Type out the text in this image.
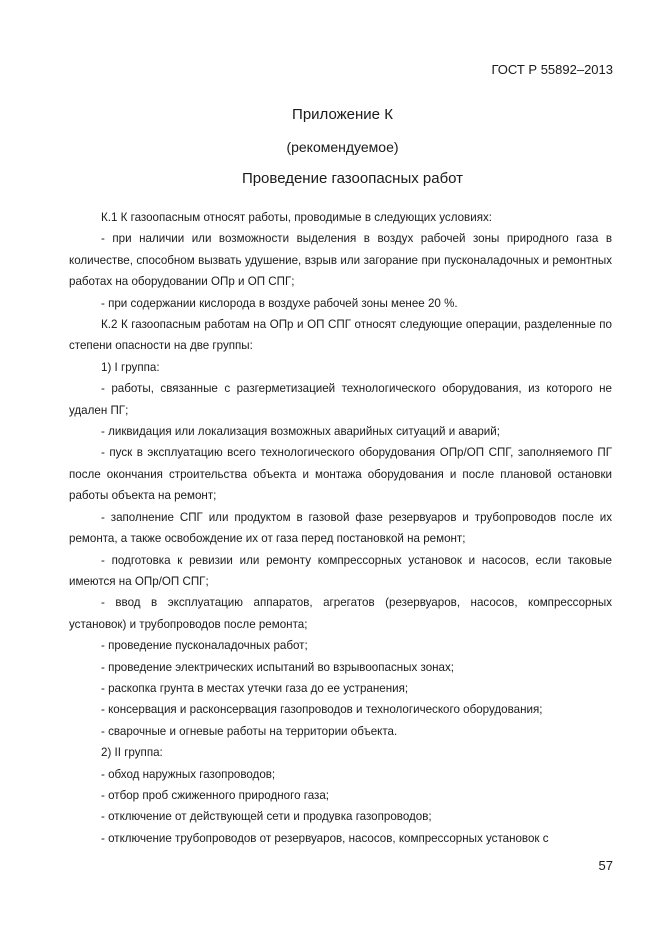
ГОСТ Р 55892–2013
Приложение К
(рекомендуемое)
Проведение газоопасных работ

К.1 К газоопасным относят работы, проводимые в следующих условиях:

- при наличии или возможности выделения в воздух рабочей зоны природного газа в количестве, способном вызвать удушение, взрыв или загорание при пусконаладочных и ремонтных работах на оборудовании ОПр и ОП СПГ;

- при содержании кислорода в воздухе рабочей зоны менее 20 %.

К.2 К газоопасным работам на ОПр и ОП СПГ относят следующие операции, разделенные по степени опасности на две группы:

1) I группа:

- работы, связанные с разгерметизацией технологического оборудования, из которого не удален ПГ;

- ликвидация или локализация возможных аварийных ситуаций и аварий;

- пуск в эксплуатацию всего технологического оборудования ОПр/ОП СПГ, заполняемого ПГ после окончания строительства объекта и монтажа оборудования и после плановой остановки работы объекта на ремонт;

- заполнение СПГ или продуктом в газовой фазе резервуаров и трубопроводов после их ремонта, а также освобождение их от газа перед постановкой на ремонт;

- подготовка к ревизии или ремонту компрессорных установок и насосов, если таковые имеются на ОПр/ОП СПГ;

- ввод в эксплуатацию аппаратов, агрегатов (резервуаров, насосов, компрессорных установок) и трубопроводов после ремонта;

- проведение пусконаладочных работ;

- проведение электрических испытаний во взрывоопасных зонах;

- раскопка грунта в местах утечки газа до ее устранения;

- консервация и расконсервация газопроводов и технологического оборудования;

- сварочные и огневые работы на территории объекта.

2) II группа:

- обход наружных газопроводов;

- отбор проб сжиженного природного газа;

- отключение от действующей сети и продувка газопроводов;

- отключение трубопроводов от резервуаров, насосов, компрессорных установок с

57
